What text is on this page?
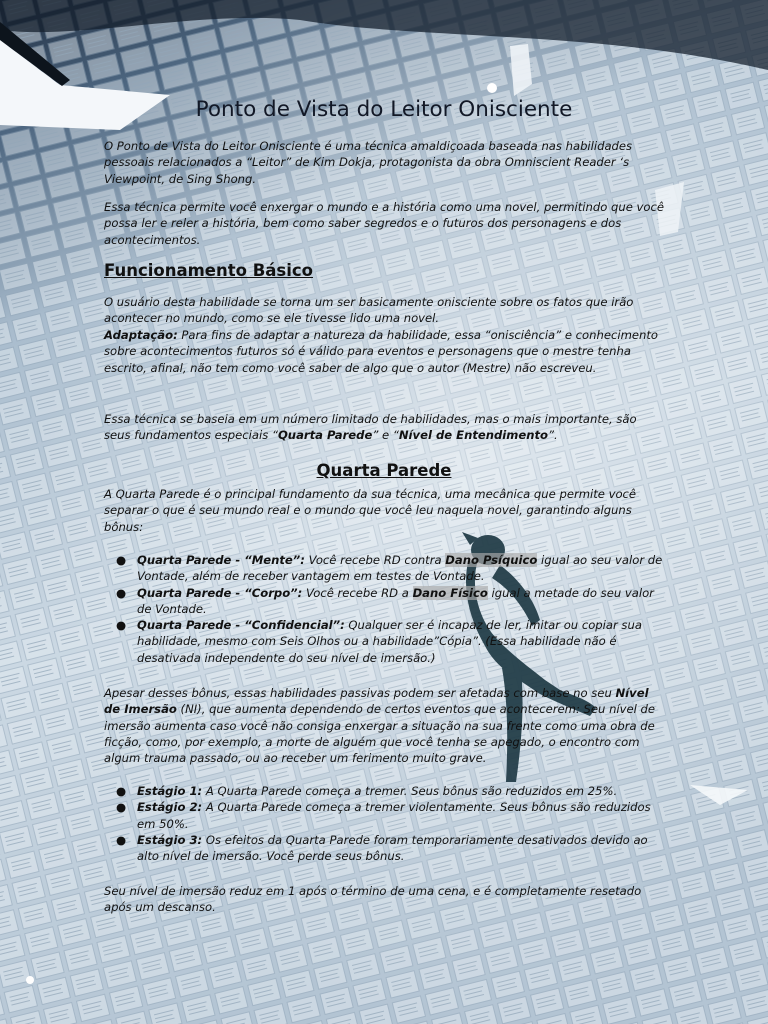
Ponto de Vista do Leitor Onisciente

O Ponto de Vista do Leitor Onisciente é uma técnica amaldiçoada baseada nas habilidades pessoais relacionados a “Leitor” de Kim Dokja, protagonista da obra Omniscient Reader ‘s Viewpoint, de Sing Shong.

Essa técnica permite você enxergar o mundo e a história como uma novel, permitindo que você possa ler e reler a história, bem como saber segredos e o futuros dos personagens e dos acontecimentos.

Funcionamento Básico

O usuário desta habilidade se torna um ser basicamente onisciente sobre os fatos que irão acontecer no mundo, como se ele tivesse lido uma novel.

Adaptação: Para fins de adaptar a natureza da habilidade, essa “onisciência” e conhecimento sobre acontecimentos futuros só é válido para eventos e personagens que o mestre tenha escrito, afinal, não tem como você saber de algo que o autor (Mestre) não escreveu.

Essa técnica se baseia em um número limitado de habilidades, mas o mais importante, são seus fundamentos especiais “Quarta Parede” e “Nível de Entendimento”.

Quarta Parede

A Quarta Parede é o principal fundamento da sua técnica, uma mecânica que permite você separar o que é seu mundo real e o mundo que você leu naquela novel, garantindo alguns bônus:

● Quarta Parede - “Mente”: Você recebe RD contra Dano Psíquico igual ao seu valor de Vontade, além de receber vantagem em testes de Vontade.
● Quarta Parede - “Corpo”: Você recebe RD a Dano Físico igual a metade do seu valor de Vontade.
● Quarta Parede - “Confidencial”: Qualquer ser é incapaz de ler, imitar ou copiar sua habilidade, mesmo com Seis Olhos ou a habilidade”Cópia”. (Essa habilidade não é desativada independente do seu nível de imersão.)

Apesar desses bônus, essas habilidades passivas podem ser afetadas com base no seu Nível de Imersão (NI), que aumenta dependendo de certos eventos que acontecerem: Seu nível de imersão aumenta caso você não consiga enxergar a situação na sua frente como uma obra de ficção, como, por exemplo, a morte de alguém que você tenha se apegado, o encontro com algum trauma passado, ou ao receber um ferimento muito grave.

● Estágio 1: A Quarta Parede começa a tremer. Seus bônus são reduzidos em 25%.
● Estágio 2: A Quarta Parede começa a tremer violentamente. Seus bônus são reduzidos em 50%.
● Estágio 3: Os efeitos da Quarta Parede foram temporariamente desativados devido ao alto nível de imersão. Você perde seus bônus.

Seu nível de imersão reduz em 1 após o término de uma cena, e é completamente resetado após um descanso.
